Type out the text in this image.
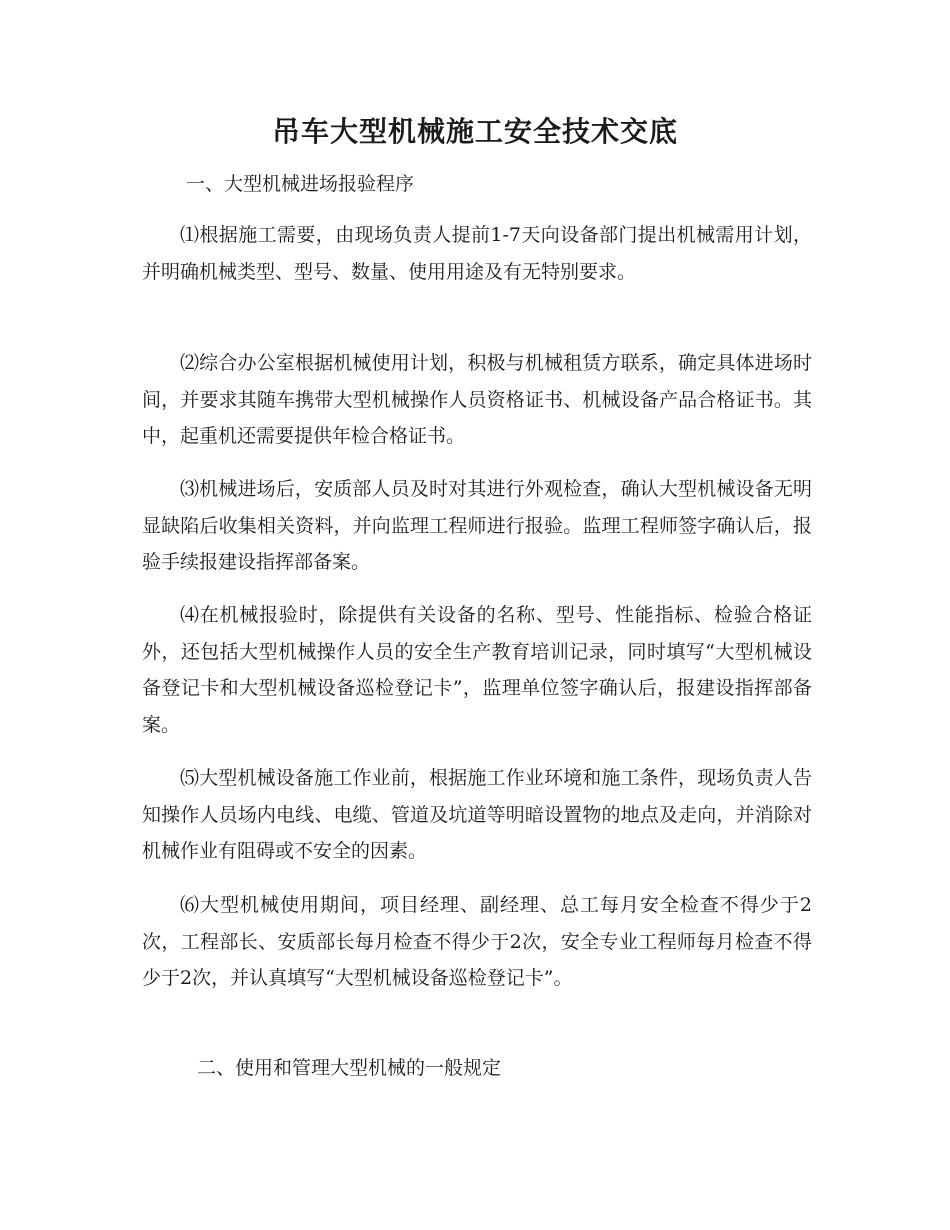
吊车大型机械施工安全技术交底

一、大型机械进场报验程序

⑴根据施工需要，由现场负责人提前1-7天向设备部门提出机械需用计划，并明确机械类型、型号、数量、使用用途及有无特别要求。

⑵综合办公室根据机械使用计划，积极与机械租赁方联系，确定具体进场时间，并要求其随车携带大型机械操作人员资格证书、机械设备产品合格证书。其中，起重机还需要提供年检合格证书。

⑶机械进场后，安质部人员及时对其进行外观检查，确认大型机械设备无明显缺陷后收集相关资料，并向监理工程师进行报验。监理工程师签字确认后，报验手续报建设指挥部备案。

⑷在机械报验时，除提供有关设备的名称、型号、性能指标、检验合格证外，还包括大型机械操作人员的安全生产教育培训记录，同时填写“大型机械设备登记卡和大型机械设备巡检登记卡”，监理单位签字确认后，报建设指挥部备案。

⑸大型机械设备施工作业前，根据施工作业环境和施工条件，现场负责人告知操作人员场内电线、电缆、管道及坑道等明暗设置物的地点及走向，并消除对机械作业有阻碍或不安全的因素。

⑹大型机械使用期间，项目经理、副经理、总工每月安全检查不得少于2次，工程部长、安质部长每月检查不得少于2次，安全专业工程师每月检查不得少于2次，并认真填写“大型机械设备巡检登记卡”。

二、使用和管理大型机械的一般规定
